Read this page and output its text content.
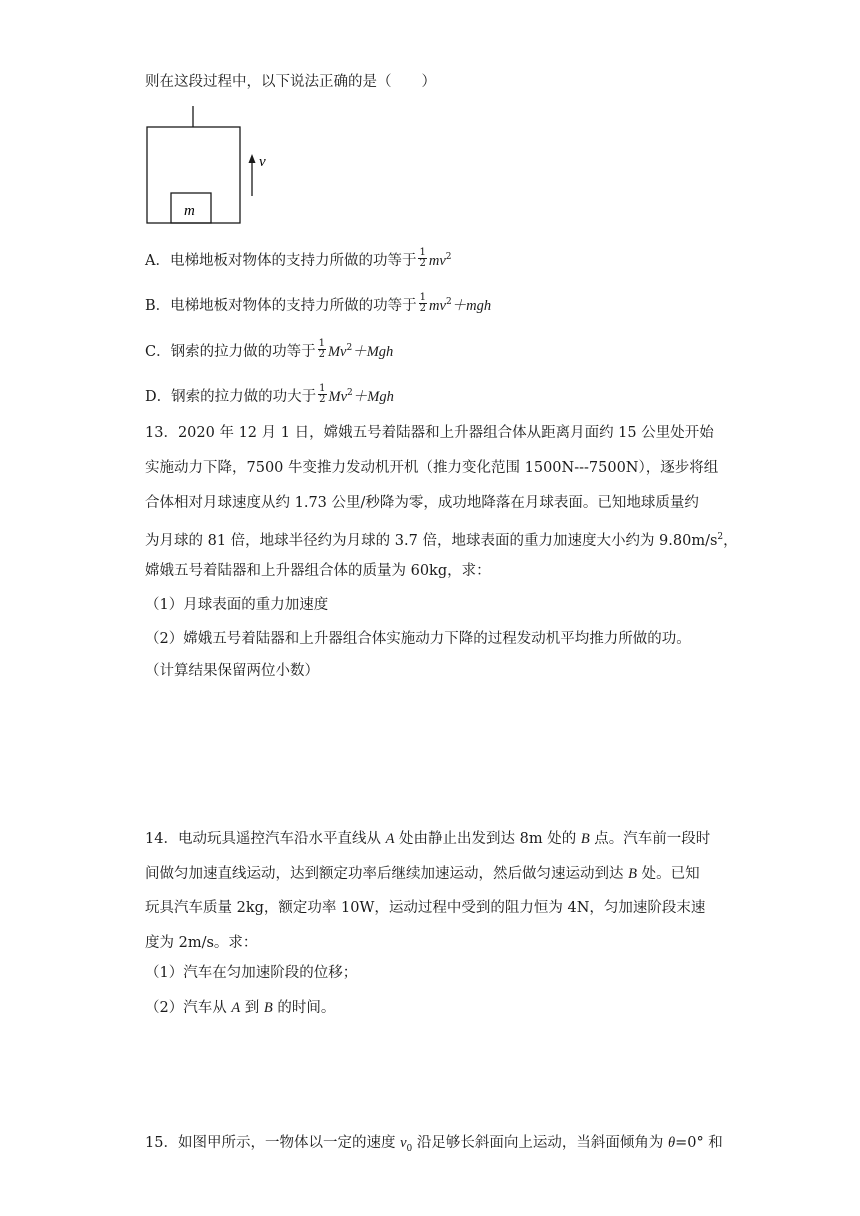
则在这段过程中，以下说法正确的是（ ）
m
v
A．电梯地板对物体的支持力所做的功等于 $\frac{1}{2} mv^2$
B．电梯地板对物体的支持力所做的功等于 $\frac{1}{2} mv^2+mgh$
C．钢索的拉力做的功等于 $\frac{1}{2} Mv^2+Mgh$
D．钢索的拉力做的功大于 $\frac{1}{2} Mv^2+Mgh$
13．2020 年 12 月 1 日，嫦娥五号着陆器和上升器组合体从距离月面约 15 公里处开始
实施动力下降，7500 牛变推力发动机开机（推力变化范围 1500N---7500N），逐步将组
合体相对月球速度从约 1.73 公里/秒降为零，成功地降落在月球表面。已知地球质量约
为月球的 81 倍，地球半径约为月球的 3.7 倍，地球表面的重力加速度大小约为 $9.80m/s^2$，
嫦娥五号着陆器和上升器组合体的质量为 60kg，求：
（1）月球表面的重力加速度
（2）嫦娥五号着陆器和上升器组合体实施动力下降的过程发动机平均推力所做的功。
（计算结果保留两位小数）
14．电动玩具遥控汽车沿水平直线从 A 处由静止出发到达 8m 处的 B 点。汽车前一段时
间做匀加速直线运动，达到额定功率后继续加速运动，然后做匀速运动到达 B 处。已知
玩具汽车质量 2kg，额定功率 10W，运动过程中受到的阻力恒为 4N，匀加速阶段末速
度为 2m/s。求：
（1）汽车在匀加速阶段的位移；
（2）汽车从 A 到 B 的时间。
15．如图甲所示，一物体以一定的速度 $v_0$ 沿足够长斜面向上运动，当斜面倾角为 θ=0° 和
